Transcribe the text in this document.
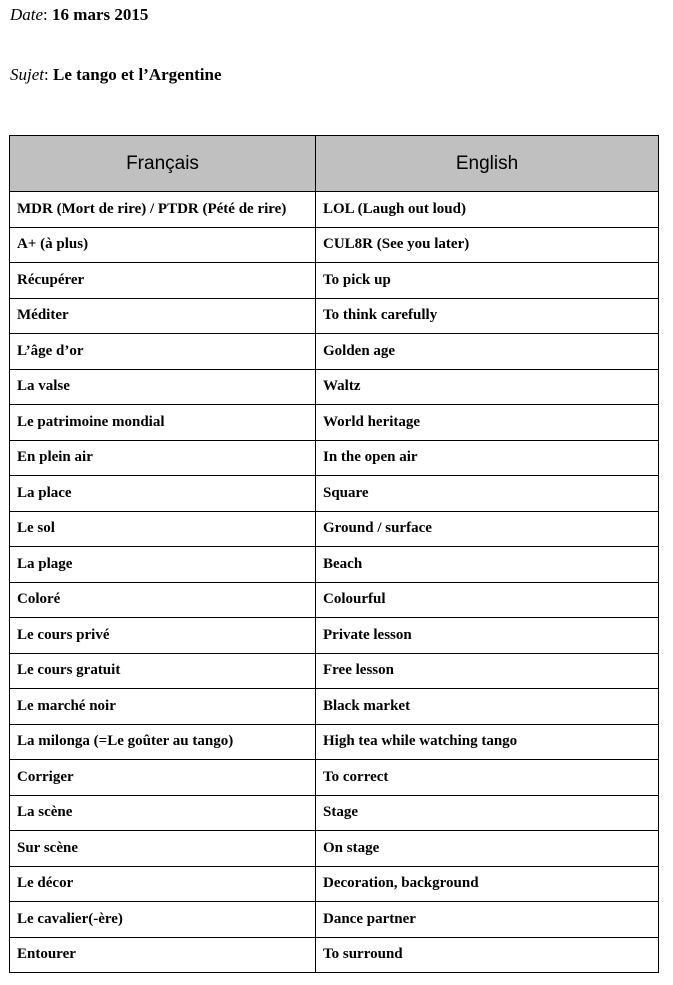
Date: 16 mars 2015
Sujet: Le tango et l’Argentine
Français	English
MDR (Mort de rire) / PTDR (Pété de rire)	LOL (Laugh out loud)
A+ (à plus)	CUL8R (See you later)
Récupérer	To pick up
Méditer	To think carefully
L’âge d’or	Golden age
La valse	Waltz
Le patrimoine mondial	World heritage
En plein air	In the open air
La place	Square
Le sol	Ground / surface
La plage	Beach
Coloré	Colourful
Le cours privé	Private lesson
Le cours gratuit	Free lesson
Le marché noir	Black market
La milonga (=Le goûter au tango)	High tea while watching tango
Corriger	To correct
La scène	Stage
Sur scène	On stage
Le décor	Decoration, background
Le cavalier(-ère)	Dance partner
Entourer	To surround
